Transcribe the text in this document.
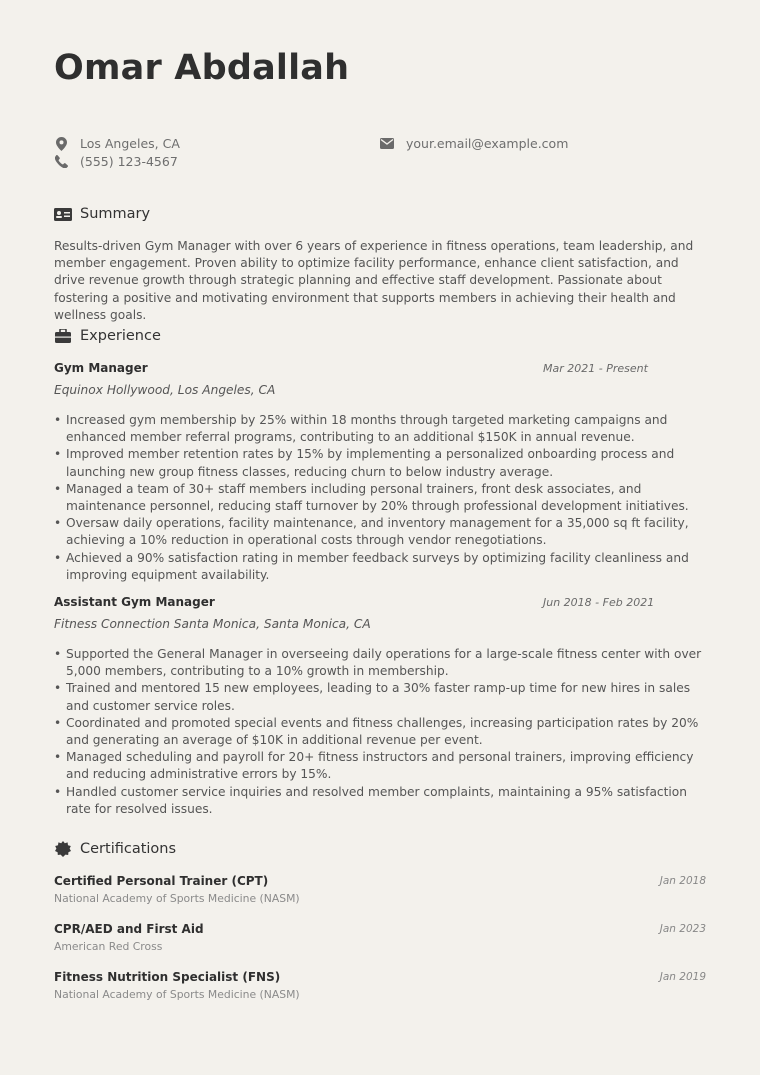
Omar Abdallah
Los Angeles, CA
(555) 123-4567
your.email@example.com
Summary
Results-driven Gym Manager with over 6 years of experience in fitness operations, team leadership, and member engagement. Proven ability to optimize facility performance, enhance client satisfaction, and drive revenue growth through strategic planning and effective staff development. Passionate about fostering a positive and motivating environment that supports members in achieving their health and wellness goals.
Experience
Gym Manager	Mar 2021 - Present
Equinox Hollywood, Los Angeles, CA
• Increased gym membership by 25% within 18 months through targeted marketing campaigns and enhanced member referral programs, contributing to an additional $150K in annual revenue.
• Improved member retention rates by 15% by implementing a personalized onboarding process and launching new group fitness classes, reducing churn to below industry average.
• Managed a team of 30+ staff members including personal trainers, front desk associates, and maintenance personnel, reducing staff turnover by 20% through professional development initiatives.
• Oversaw daily operations, facility maintenance, and inventory management for a 35,000 sq ft facility, achieving a 10% reduction in operational costs through vendor renegotiations.
• Achieved a 90% satisfaction rating in member feedback surveys by optimizing facility cleanliness and improving equipment availability.
Assistant Gym Manager	Jun 2018 - Feb 2021
Fitness Connection Santa Monica, Santa Monica, CA
• Supported the General Manager in overseeing daily operations for a large-scale fitness center with over 5,000 members, contributing to a 10% growth in membership.
• Trained and mentored 15 new employees, leading to a 30% faster ramp-up time for new hires in sales and customer service roles.
• Coordinated and promoted special events and fitness challenges, increasing participation rates by 20% and generating an average of $10K in additional revenue per event.
• Managed scheduling and payroll for 20+ fitness instructors and personal trainers, improving efficiency and reducing administrative errors by 15%.
• Handled customer service inquiries and resolved member complaints, maintaining a 95% satisfaction rate for resolved issues.
Certifications
Certified Personal Trainer (CPT)
National Academy of Sports Medicine (NASM)
Jan 2018
CPR/AED and First Aid
American Red Cross
Jan 2023
Fitness Nutrition Specialist (FNS)
National Academy of Sports Medicine (NASM)
Jan 2019
